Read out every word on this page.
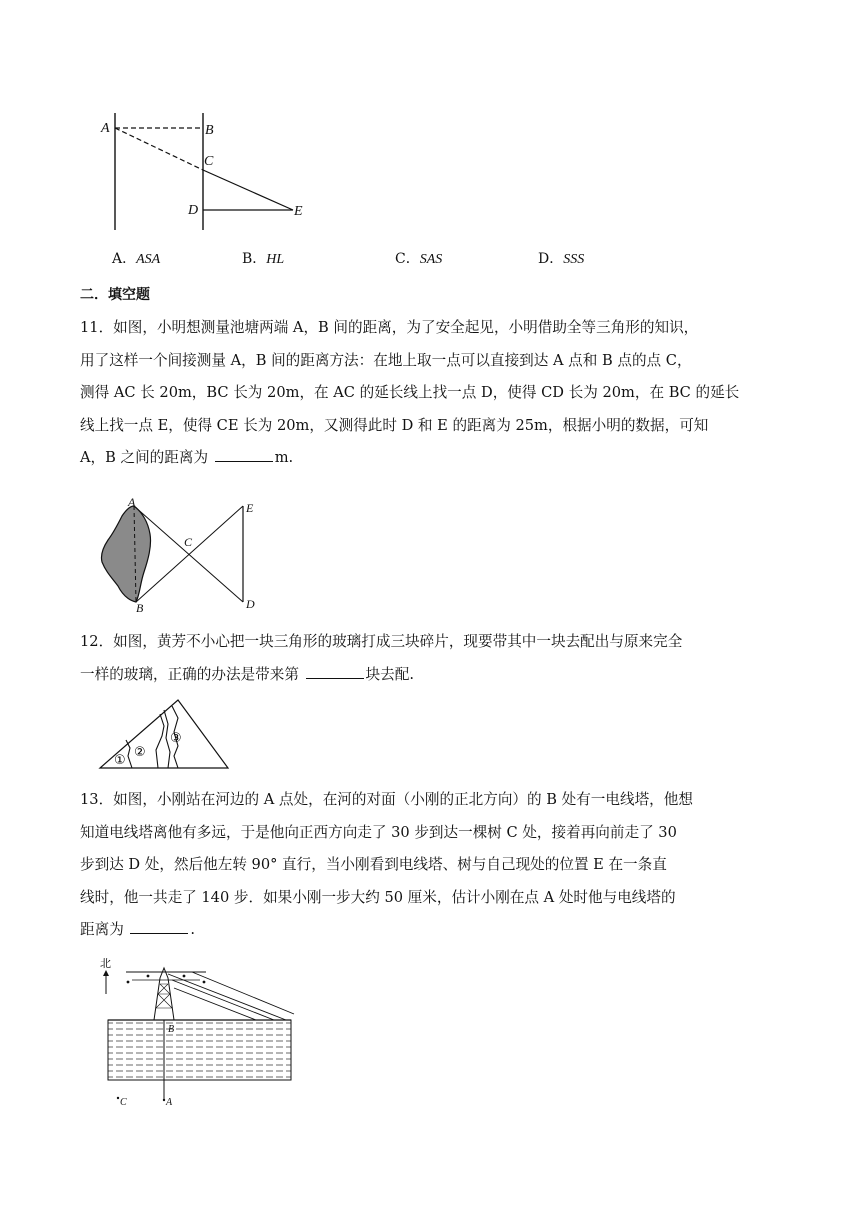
A	B
C
D	E
A．ASA	B．HL	C．SAS	D．SSS
二．填空题

11．如图，小明想测量池塘两端 A，B 间的距离，为了安全起见，小明借助全等三角形的知识，

用了这样一个间接测量 A，B 间的距离方法：在地上取一点可以直接到达 A 点和 B 点的点 C，

测得 AC 长 20m，BC 长为 20m，在 AC 的延长线上找一点 D，使得 CD 长为 20m，在 BC 的延长

线上找一点 E，使得 CE 长为 20m，又测得此时 D 和 E 的距离为 25m，根据小明的数据，可知

A，B 之间的距离为	m.

A
B
C
D
E

12．如图，黄芳不小心把一块三角形的玻璃打成三块碎片，现要带其中一块去配出与原来完全

一样的玻璃，正确的办法是带来第	块去配.

①
②
③

13．如图，小刚站在河边的 A 点处，在河的对面（小刚的正北方向）的 B 处有一电线塔，他想

知道电线塔离他有多远，于是他向正西方向走了 30 步到达一棵树 C 处，接着再向前走了 30

步到达 D 处，然后他左转 90° 直行，当小刚看到电线塔、树与自己现处的位置 E 在一条直

线时，他一共走了 140 步．如果小刚一步大约 50 厘米，估计小刚在点 A 处时他与电线塔的

距离为	.

北
B
C	A
